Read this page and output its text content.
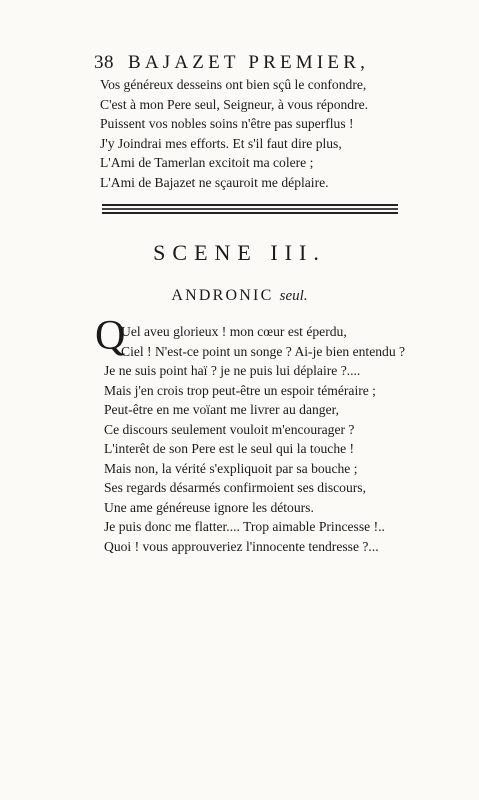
38 BAJAZET PREMIER,
Vos généreux desseins ont bien sçû le confondre,
C'est à mon Pere seul, Seigneur, à vous répondre.
Puissent vos nobles soins n'être pas superflus !
J'y Joindrai mes efforts. Et s'il faut dire plus,
L'Ami de Tamerlan excitoit ma colere ;
L'Ami de Bajazet ne sçauroit me déplaire.
SCENE III.
ANDRONIC seul.
Q
Uel aveu glorieux ! mon cœur est éperdu,
Ciel ! N'est-ce point un songe ? Ai-je bien entendu ?
Je ne suis point haï ? je ne puis lui déplaire ?....
Mais j'en crois trop peut-être un espoir téméraire ;
Peut-être en me voïant me livrer au danger,
Ce discours seulement vouloit m'encourager ?
L'interêt de son Pere est le seul qui la touche !
Mais non, la vérité s'expliquoit par sa bouche ;
Ses regards désarmés confirmoient ses discours,
Une ame généreuse ignore les détours.
Je puis donc me flatter.... Trop aimable Princesse !..
Quoi ! vous approuveriez l'innocente tendresse ?...
